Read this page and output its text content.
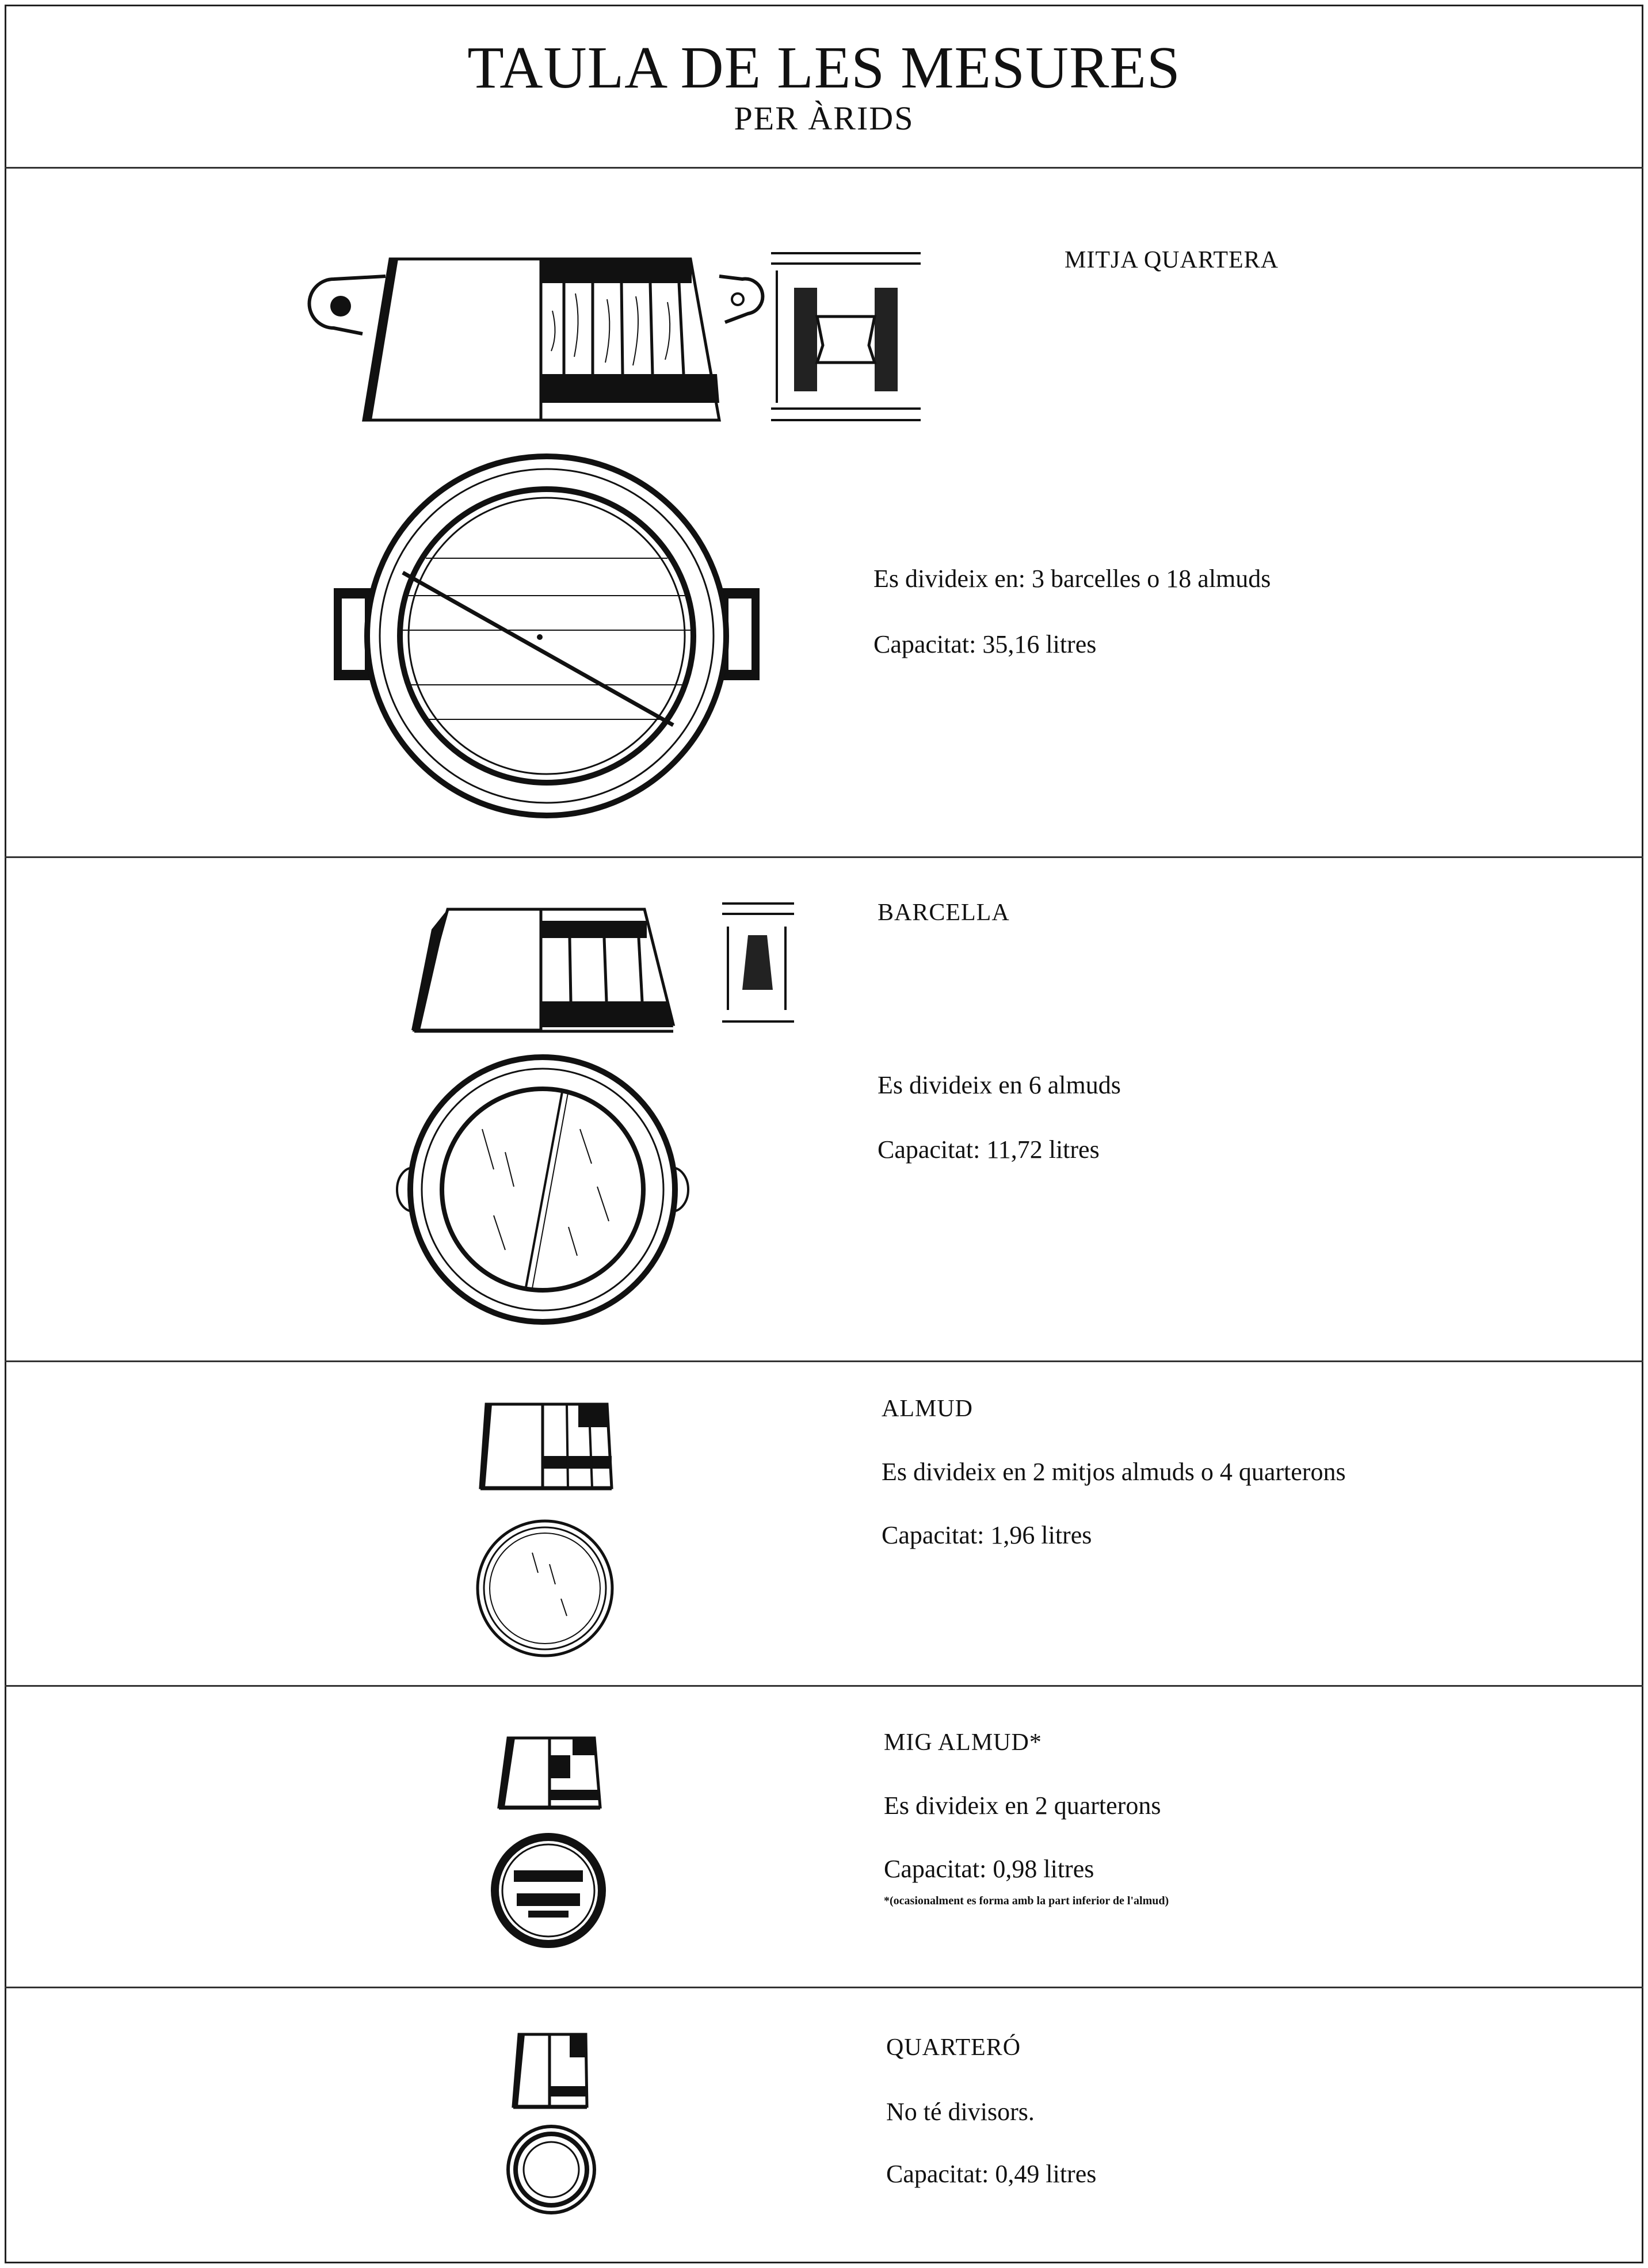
TAULA DE LES MESURES
PER ÀRIDS
MITJA QUARTERA
Es divideix en: 3 barcelles o 18 almuds
Capacitat: 35,16 litres
BARCELLA
Es divideix en 6 almuds
Capacitat: 11,72 litres
ALMUD
Es divideix en 2 mitjos almuds o 4 quarterons
Capacitat: 1,96 litres
MIG ALMUD*
Es divideix en 2 quarterons
Capacitat: 0,98 litres
*(ocasionalment es forma amb la part inferior de l'almud)
QUARTERÓ
No té divisors.
Capacitat: 0,49 litres
